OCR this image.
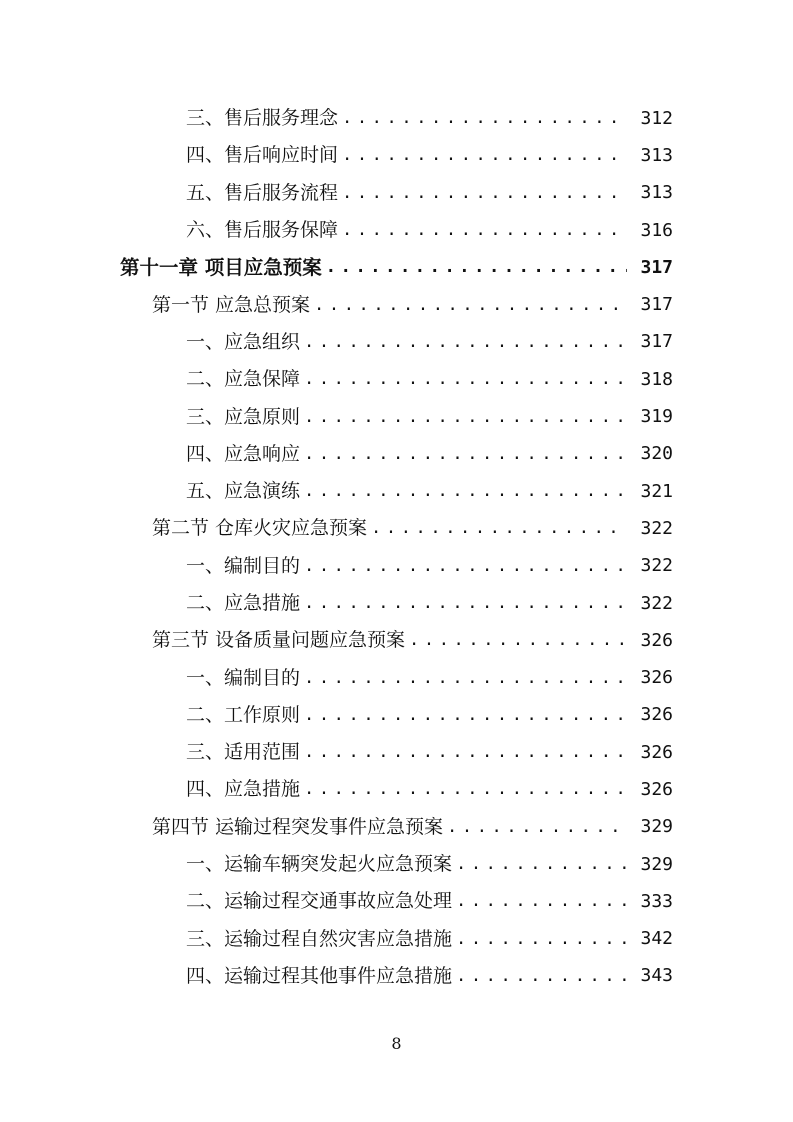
三、售后服务理念 .....	312
四、售后响应时间 .....	313
五、售后服务流程 .....	313
六、售后服务保障 .....	316
第十一章 项目应急预案 .....	317
第一节 应急总预案 .....	317
一、应急组织 .....	317
二、应急保障 .....	318
三、应急原则 .....	319
四、应急响应 .....	320
五、应急演练 .....	321
第二节 仓库火灾应急预案 .....	322
一、编制目的 .....	322
二、应急措施 .....	322
第三节 设备质量问题应急预案 .....	326
一、编制目的 .....	326
二、工作原则 .....	326
三、适用范围 .....	326
四、应急措施 .....	326
第四节 运输过程突发事件应急预案 .....	329
一、运输车辆突发起火应急预案 .....	329
二、运输过程交通事故应急处理 .....	333
三、运输过程自然灾害应急措施 .....	342
四、运输过程其他事件应急措施 .....	343
8
